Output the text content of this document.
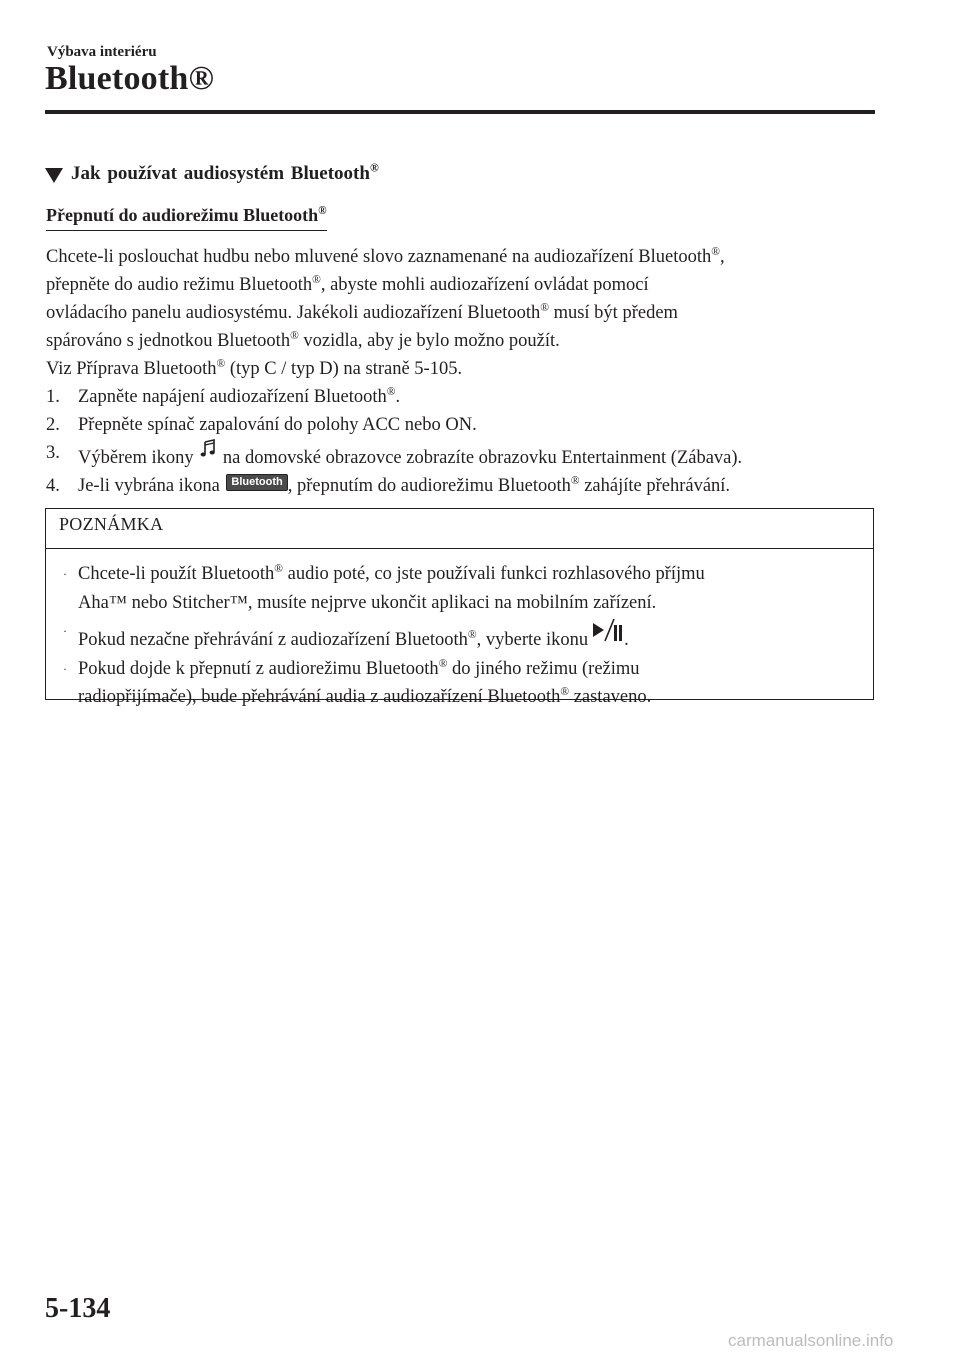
Výbava interiéru
Bluetooth®
Jak používat audiosystém Bluetooth®
Přepnutí do audiorežimu Bluetooth®

Chcete-li poslouchat hudbu nebo mluvené slovo zaznamenané na audiozařízení Bluetooth®,

přepněte do audio režimu Bluetooth®, abyste mohli audiozařízení ovládat pomocí

ovládacího panelu audiosystému. Jakékoli audiozařízení Bluetooth® musí být předem

spárováno s jednotkou Bluetooth® vozidla, aby je bylo možno použít.

Viz Příprava Bluetooth® (typ C / typ D) na straně 5-105.

1. Zapněte napájení audiozařízení Bluetooth®.
2. Přepněte spínač zapalování do polohy ACC nebo ON.
3. Výběrem ikony  na domovské obrazovce zobrazíte obrazovku Entertainment (Zábava).
4. Je-li vybrána ikona Bluetooth , přepnutím do audiorežimu Bluetooth® zahájíte přehrávání.
POZNÁMKA
· Chcete-li použít Bluetooth® audio poté, co jste používali funkci rozhlasového příjmu
Aha™ nebo Stitcher™, musíte nejprve ukončit aplikaci na mobilním zařízení.
· Pokud nezačne přehrávání z audiozařízení Bluetooth®, vyberte ikonu .
· Pokud dojde k přepnutí z audiorežimu Bluetooth® do jiného režimu (režimu
radiopřijímače), bude přehrávání audia z audiozařízení Bluetooth® zastaveno.
5-134
carmanualsonline.info
